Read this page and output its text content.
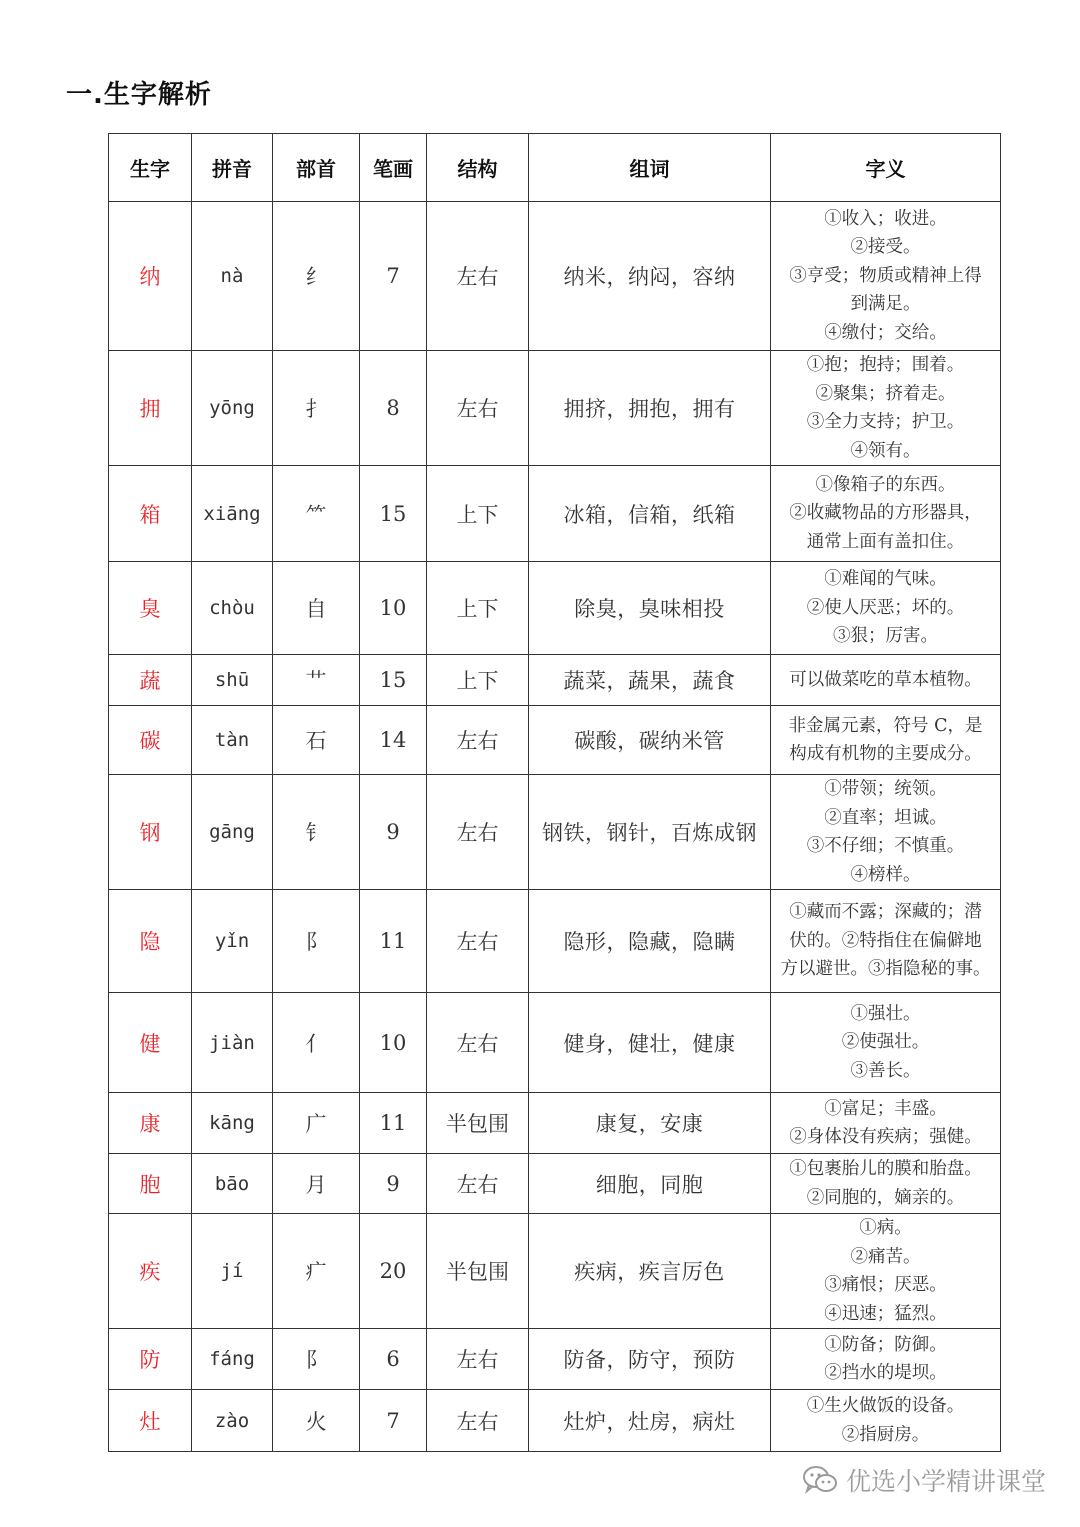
一.生字解析
生字	拼音	部首	笔画	结构	组词	字义
纳	nà	纟	7	左右	纳米，纳闷，容纳	①收入；收进。
②接受。
③亨受；物质或精神上得
到满足。
④缴付；交给。

拥	yōng	扌	8	左右	拥挤，拥抱，拥有	①抱；抱持；围着。
②聚集；挤着走。
③全力支持；护卫。
④领有。

箱	xiāng	⺮	15	上下	冰箱，信箱，纸箱	①像箱子的东西。
②收藏物品的方形器具，
通常上面有盖扣住。

臭	chòu	自	10	上下	除臭，臭味相投	①难闻的气味。
②使人厌恶；坏的。
③狠；厉害。

蔬	shū	艹	15	上下	蔬菜，蔬果，蔬食	可以做菜吃的草本植物。

碳	tàn	石	14	左右	碳酸，碳纳米管	非金属元素，符号 C，是
构成有机物的主要成分。

钢	gāng	钅	9	左右	钢铁，钢针，百炼成钢	①带领；统领。
②直率；坦诚。
③不仔细；不慎重。
④榜样。

隐	yǐn	阝	11	左右	隐形，隐藏，隐瞒	①藏而不露；深藏的；潜
伏的。②特指住在偏僻地
方以避世。③指隐秘的事。

健	jiàn	亻	10	左右	健身，健壮，健康	①强壮。
②使强壮。
③善长。

康	kāng	广	11	半包围	康复，安康	①富足；丰盛。
②身体没有疾病；强健。

胞	bāo	月	9	左右	细胞，同胞	①包裹胎儿的膜和胎盘。
②同胞的，嫡亲的。

疾	jí	疒	20	半包围	疾病，疾言厉色	①病。
②痛苦。
③痛恨；厌恶。
④迅速；猛烈。

防	fáng	阝	6	左右	防备，防守，预防	①防备；防御。
②挡水的堤坝。

灶	zào	火	7	左右	灶炉，灶房，病灶	①生火做饭的设备。
②指厨房。
优选小学精讲课堂
